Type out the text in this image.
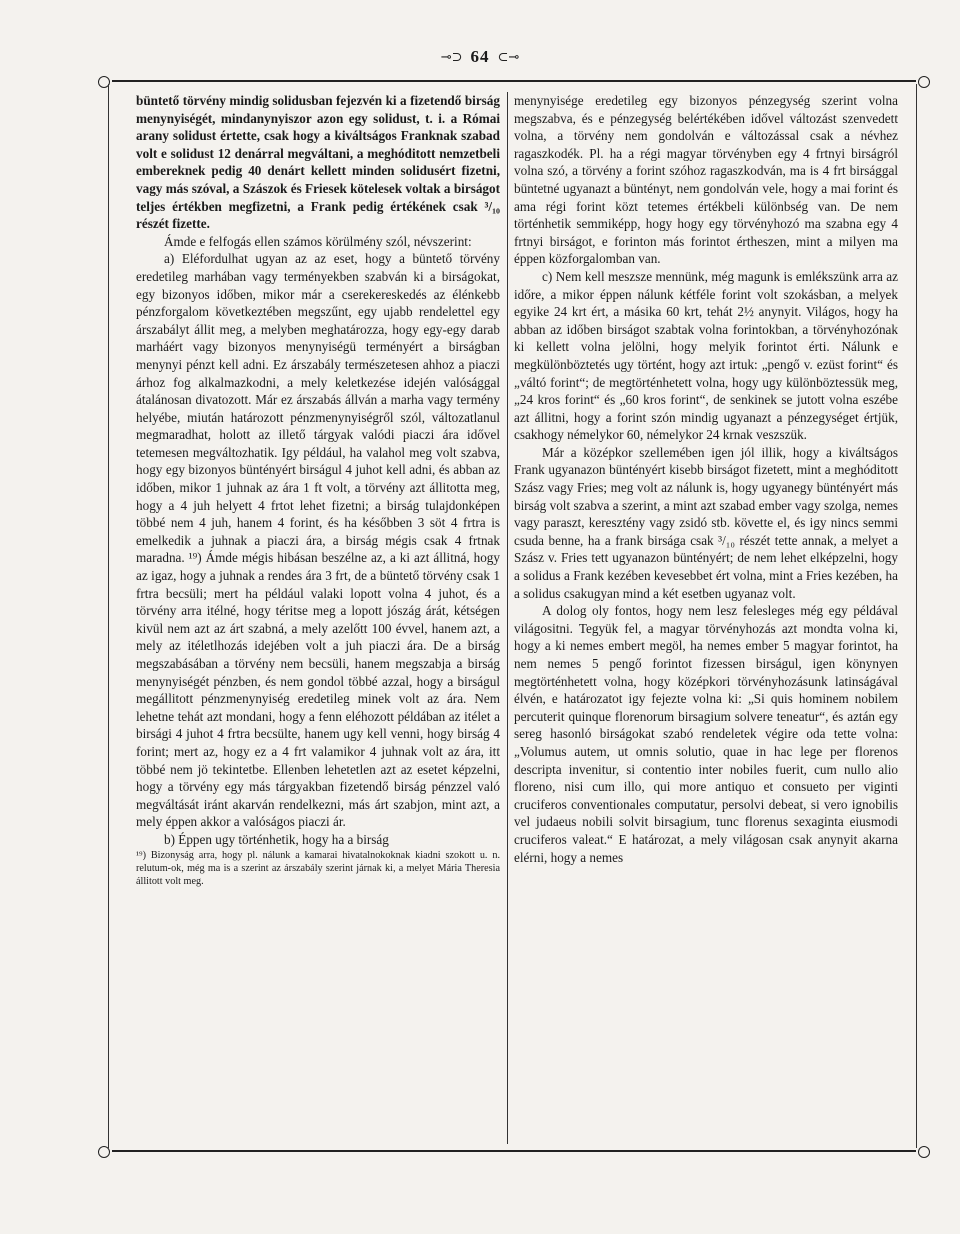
⊸⊃ 64 ⊂⊸

büntető törvény mindig solidusban fejezvén ki a fizetendő birság menynyiségét, mindanynyiszor azon egy solidust, t. i. a Római arany solidust értette, csak hogy a kiváltságos Franknak szabad volt e solidust 12 denárral megváltani, a meghóditott nemzetbeli embereknek pedig 40 denárt kellett minden solidusért fizetni, vagy más szóval, a Szászok és Friesek kötelesek voltak a birságot teljes értékben megfizetni, a Frank pedig értékének csak ³/₁₀ részét fizette.

Ámde e felfogás ellen számos körülmény szól, névszerint:

a) Eléfordulhat ugyan az az eset, hogy a büntető törvény eredetileg marhában vagy terményekben szabván ki a birságokat, egy bizonyos időben, mikor már a cserekereskedés az élénkebb pénzforgalom következtében megszűnt, egy ujabb rendelettel egy árszabályt állit meg, a melyben meghatározza, hogy egy-egy darab marháért vagy bizonyos menynyiségü terményért a birságban menynyi pénzt kell adni. Ez árszabály természetesen ahhoz a piaczi árhoz fog alkalmazkodni, a mely keletkezése idején valósággal átalánosan divatozott. Már ez árszabás állván a marha vagy termény helyébe, miután határozott pénzmenynyiségről szól, változatlanul megmaradhat, holott az illető tárgyak valódi piaczi ára idővel tetemesen megváltozhatik. Igy például, ha valahol meg volt szabva, hogy egy bizonyos büntényért birságul 4 juhot kell adni, és abban az időben, mikor 1 juhnak az ára 1 ft volt, a törvény azt állitotta meg, hogy a 4 juh helyett 4 frtot lehet fizetni; a birság tulajdonképen többé nem 4 juh, hanem 4 forint, és ha későbben 3 söt 4 frtra is emelkedik a juhnak a piaczi ára, a birság mégis csak 4 frtnak maradna. ¹⁹) Ámde mégis hibásan beszélne az, a ki azt állitná, hogy az igaz, hogy a juhnak a rendes ára 3 frt, de a büntető törvény csak 1 frtra becsüli; mert ha például valaki lopott volna 4 juhot, és a törvény arra itélné, hogy téritse meg a lopott jószág árát, kétségen kivül nem azt az árt szabná, a mely azelőtt 100 évvel, hanem azt, a mely az itéletlhozás idejében volt a juh piaczi ára. De a birság megszabásában a törvény nem becsüli, hanem megszabja a birság menynyiségét pénzben, és nem gondol többé azzal, hogy a birságul megállitott pénzmenynyiség eredetileg minek volt az ára. Nem lehetne tehát azt mondani, hogy a fenn eléhozott példában az itélet a birsági 4 juhot 4 frtra becsülte, hanem ugy kell venni, hogy birság 4 forint; mert az, hogy ez a 4 frt valamikor 4 juhnak volt az ára, itt többé nem jö tekintetbe. Ellenben lehetetlen azt az esetet képzelni, hogy a törvény egy más tárgyakban fizetendő birság pénzzel való megváltását iránt akarván rendelkezni, más árt szabjon, mint azt, a mely éppen akkor a valóságos piaczi ár.

b) Éppen ugy történhetik, hogy ha a birság

¹⁹) Bizonyság arra, hogy pl. nálunk a kamarai hivatalnokoknak kiadni szokott u. n. relutum-ok, még ma is a szerint az árszabály szerint járnak ki, a melyet Mária Theresia állitott volt meg.

menynyisége eredetileg egy bizonyos pénzegység szerint volna megszabva, és e pénzegység belértékében idővel változást szenvedett volna, a törvény nem gondolván e változással csak a névhez ragaszkodék. Pl. ha a régi magyar törvényben egy 4 frtnyi birságról volna szó, a törvény a forint szóhoz ragaszkodván, ma is 4 frt birsággal büntetné ugyanazt a büntényt, nem gondolván vele, hogy a mai forint és ama régi forint közt tetemes értékbeli különbség van. De nem történhetik semmiképp, hogy hogy egy törvényhozó ma szabna egy 4 frtnyi birságot, e forinton más forintot értheszen, mint a milyen ma éppen közforgalomban van.

c) Nem kell meszsze mennünk, még magunk is emlékszünk arra az időre, a mikor éppen nálunk kétféle forint volt szokásban, a melyek egyike 24 krt ért, a másika 60 krt, tehát 2½ anynyit. Világos, hogy ha abban az időben birságot szabtak volna forintokban, a törvényhozónak ki kellett volna jelölni, hogy melyik forintot érti. Nálunk e megkülönböztetés ugy történt, hogy azt irtuk: „pengő v. ezüst forint“ és „váltó forint“; de megtörténhetett volna, hogy ugy különböztessük meg, „24 kros forint“ és „60 kros forint“, de senkinek se jutott volna eszébe azt állitni, hogy a forint szón mindig ugyanazt a pénzegységet értjük, csakhogy némelykor 60, némelykor 24 krnak veszszük.

Már a középkor szellemében igen jól illik, hogy a kiváltságos Frank ugyanazon büntényért kisebb birságot fizetett, mint a meghóditott Szász vagy Fries; meg volt az nálunk is, hogy ugyanegy büntényért más birság volt szabva a szerint, a mint azt szabad ember vagy szolga, nemes vagy paraszt, keresztény vagy zsidó stb. követte el, és igy nincs semmi csuda benne, ha a frank birsága csak ³/₁₀ részét tette annak, a melyet a Szász v. Fries tett ugyanazon büntényért; de nem lehet elképzelni, hogy a solidus a Frank kezében kevesebbet ért volna, mint a Fries kezében, ha a solidus csakugyan mind a két esetben ugyanaz volt.

A dolog oly fontos, hogy nem lesz felesleges még egy példával világositni. Tegyük fel, a magyar törvényhozás azt mondta volna ki, hogy a ki nemes embert megöl, ha nemes ember 5 magyar forintot, ha nem nemes 5 pengő forintot fizessen birságul, igen könynyen megtörténhetett volna, hogy középkori törvényhozásunk latinságával élvén, e határozatot igy fejezte volna ki: „Si quis hominem nobilem percuterit quinque florenorum birsagium solvere teneatur“, és aztán egy sereg hasonló birságokat szabó rendeletek végire oda tette volna: „Volumus autem, ut omnis solutio, quae in hac lege per florenos descripta invenitur, si contentio inter nobiles fuerit, cum nullo alio floreno, nisi cum illo, qui more antiquo et consueto per viginti cruciferos conventionales computatur, persolvi debeat, si vero ignobilis vel judaeus nobili solvit birsagium, tunc florenus sexaginta eiusmodi cruciferos valeat.“ E határozat, a mely világosan csak anynyit akarna elérni, hogy a nemes
